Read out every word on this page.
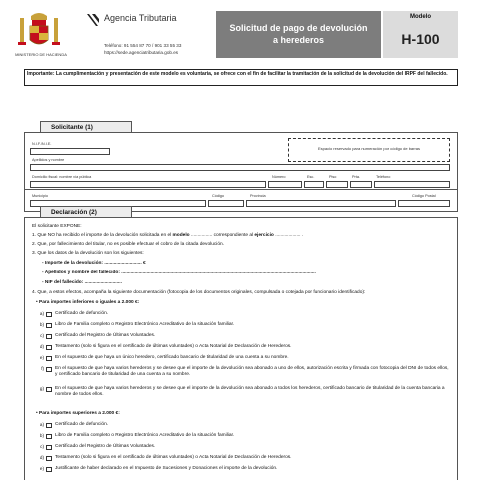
MINISTERIO DE HACIENDA
Agencia Tributaria
Teléfono: 91 554 87 70 / 901 33 55 33
https://sede.agenciatributaria.gob.es
Solicitud de pago de devolución
a herederos
Modelo
H-100
Importante: La cumplimentación y presentación de este modelo es voluntaria, se ofrece con el fin de facilitar la tramitación de la solicitud de la devolución del IRPF del fallecido.
Solicitante (1)
Espacio reservado para numeración por código de barras
N.I.F./N.I.E.
Apellidos y nombre
Domicilio fiscal: nombre vía pública	Número	Esc.	Piso	Prta.	Teléfono
Municipio	Código	Provincia	Código Postal
Declaración (2)
El solicitante EXPONE:
1. Que NO ha recibido el importe de la devolución solicitada en el modelo ................ correspondiente al ejercicio ................... .
2. Que, por fallecimiento del titular, no es posible efectuar el cobro de la citada devolución.
3. Que los datos de la devolución son los siguientes:
- Importe de la devolución: ............................ €
- Apellidos y nombre del fallecido: ..................................................................................................................................................
- NIF del fallecido: ............................
4. Que, a estos efectos, acompaña la siguiente documentación (fotocopia de los documentos originales, compulsada o cotejada por funcionario identificado):
• Para importes inferiores o iguales a 2.000 €:
a) Certificado de defunción.
b) Libro de Familia completo o Registro Electrónico Acreditativo de la situación familiar.
c) Certificado del Registro de Últimas Voluntades.
d) Testamento (solo si figura en el certificado de últimas voluntades) o Acta Notarial de Declaración de Herederos.
e) En el supuesto de que haya un único heredero, certificado bancario de titularidad de una cuenta a su nombre.
f) En el supuesto de que haya varios herederos y se desee que el importe de la devolución sea abonado a uno de ellos, autorización escrita y firmada con fotocopia del DNI de todos ellos, y certificado bancario de titularidad de una cuenta a su nombre.
g) En el supuesto de que haya varios herederos y se desee que el importe de la devolución sea abonado a todos los herederos, certificado bancario de titularidad de la cuenta bancaria a nombre de todos ellos.
• Para importes superiores a 2.000 €:
a) Certificado de defunción.
b) Libro de Familia completo o Registro Electrónico Acreditativo de la situación familiar.
c) Certificado del Registro de Últimas Voluntades.
d) Testamento (solo si figura en el certificado de últimas voluntades) o Acta Notarial de Declaración de Herederos.
e) Justificante de haber declarado en el Impuesto de Sucesiones y Donaciones el importe de la devolución.
